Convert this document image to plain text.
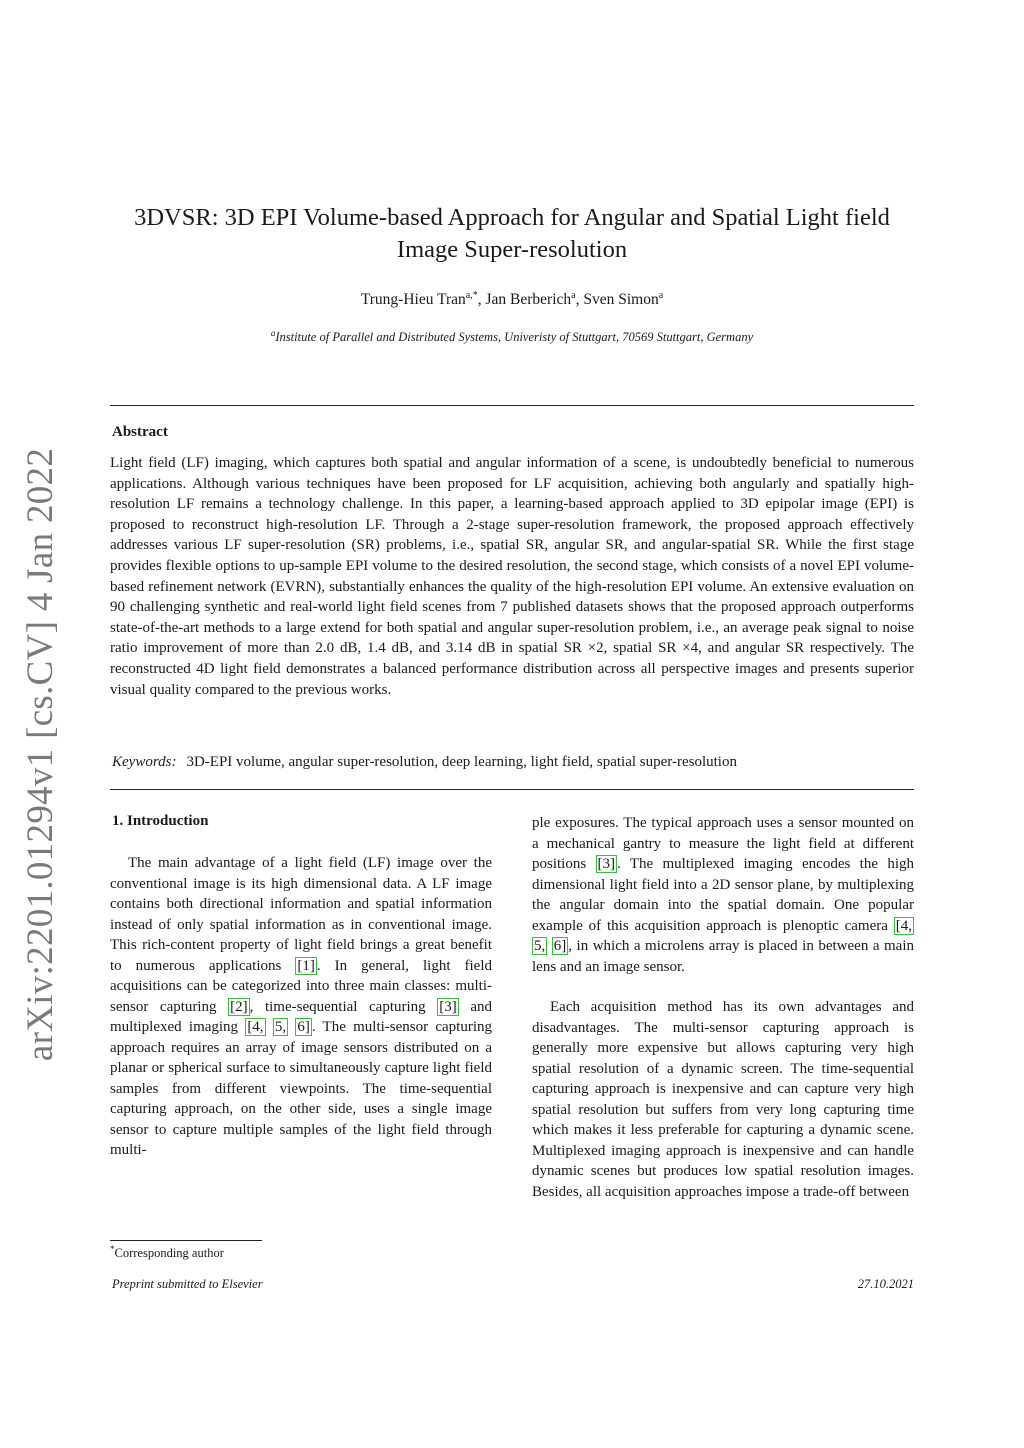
arXiv:2201.01294v1 [cs.CV] 4 Jan 2022
3DVSR: 3D EPI Volume-based Approach for Angular and Spatial Light field Image Super-resolution
Trung-Hieu Tran$^{a,*}$, Jan Berberich$^a$, Sven Simon$^a$
$^a$Institute of Parallel and Distributed Systems, Univeristy of Stuttgart, 70569 Stuttgart, Germany
Abstract
Light field (LF) imaging, which captures both spatial and angular information of a scene, is undoubtedly beneficial to numerous applications. Although various techniques have been proposed for LF acquisition, achieving both angularly and spatially high-resolution LF remains a technology challenge. In this paper, a learning-based approach applied to 3D epipolar image (EPI) is proposed to reconstruct high-resolution LF. Through a 2-stage super-resolution framework, the proposed approach effectively addresses various LF super-resolution (SR) problems, i.e., spatial SR, angular SR, and angular-spatial SR. While the first stage provides flexible options to up-sample EPI volume to the desired resolution, the second stage, which consists of a novel EPI volume-based refinement network (EVRN), substantially enhances the quality of the high-resolution EPI volume. An extensive evaluation on 90 challenging synthetic and real-world light field scenes from 7 published datasets shows that the proposed approach outperforms state-of-the-art methods to a large extend for both spatial and angular super-resolution problem, i.e., an average peak signal to noise ratio improvement of more than 2.0 dB, 1.4 dB, and 3.14 dB in spatial SR ×2, spatial SR ×4, and angular SR respectively. The reconstructed 4D light field demonstrates a balanced performance distribution across all perspective images and presents superior visual quality compared to the previous works.
Keywords: 3D-EPI volume, angular super-resolution, deep learning, light field, spatial super-resolution
1. Introduction

The main advantage of a light field (LF) image over the conventional image is its high dimensional data. A LF image contains both directional information and spatial information instead of only spatial information as in conventional image. This rich-content property of light field brings a great benefit to numerous applications [1] . In general, light field acquisitions can be categorized into three main classes: multi-sensor capturing [2] , time-sequential capturing [3] and multiplexed imaging [4, 5, 6] . The multi-sensor capturing approach requires an array of image sensors distributed on a planar or spherical surface to simultaneously capture light field samples from different viewpoints. The time-sequential capturing approach, on the other side, uses a single image sensor to capture multiple samples of the light field through multi-

ple exposures. The typical approach uses a sensor mounted on a mechanical gantry to measure the light field at different positions [3] . The multiplexed imaging encodes the high dimensional light field into a 2D sensor plane, by multiplexing the angular domain into the spatial domain. One popular example of this acquisition approach is plenoptic camera [4, 5, 6] , in which a microlens array is placed in between a main lens and an image sensor.

Each acquisition method has its own advantages and disadvantages. The multi-sensor capturing approach is generally more expensive but allows capturing very high spatial resolution of a dynamic screen. The time-sequential capturing approach is inexpensive and can capture very high spatial resolution but suffers from very long capturing time which makes it less preferable for capturing a dynamic scene. Multiplexed imaging approach is inexpensive and can handle dynamic scenes but produces low spatial resolution images. Besides, all acquisition approaches impose a trade-off between

*Corresponding author
Preprint submitted to Elsevier	27.10.2021
